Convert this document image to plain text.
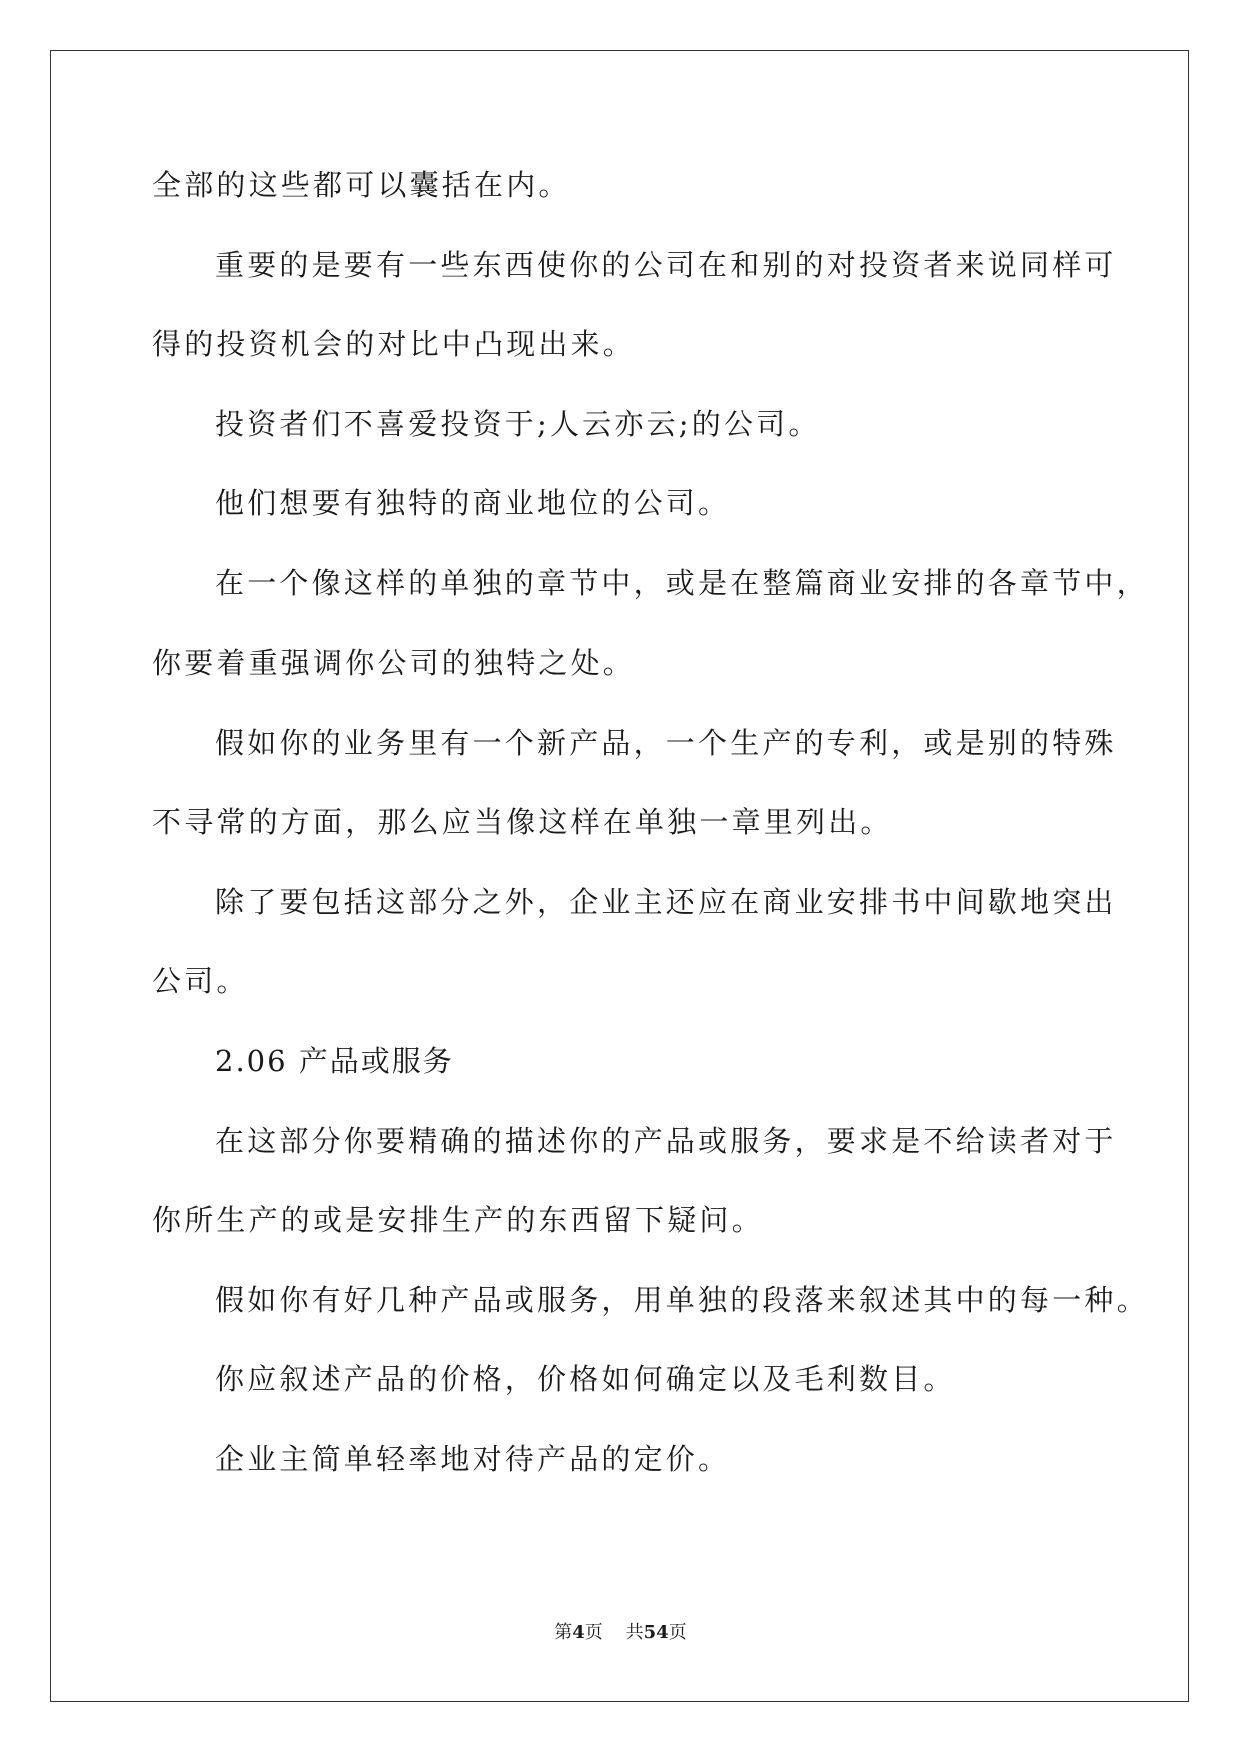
全部的这些都可以囊括在内。

重要的是要有一些东西使你的公司在和别的对投资者来说同样可

得的投资机会的对比中凸现出来。

投资者们不喜爱投资于;人云亦云;的公司。

他们想要有独特的商业地位的公司。

在一个像这样的单独的章节中，或是在整篇商业安排的各章节中，

你要着重强调你公司的独特之处。

假如你的业务里有一个新产品，一个生产的专利，或是别的特殊

不寻常的方面，那么应当像这样在单独一章里列出。

除了要包括这部分之外，企业主还应在商业安排书中间歇地突出

公司。

2.06 产品或服务

在这部分你要精确的描述你的产品或服务，要求是不给读者对于

你所生产的或是安排生产的东西留下疑问。

假如你有好几种产品或服务，用单独的段落来叙述其中的每一种。

你应叙述产品的价格，价格如何确定以及毛利数目。

企业主简单轻率地对待产品的定价。

第4页 共54页
